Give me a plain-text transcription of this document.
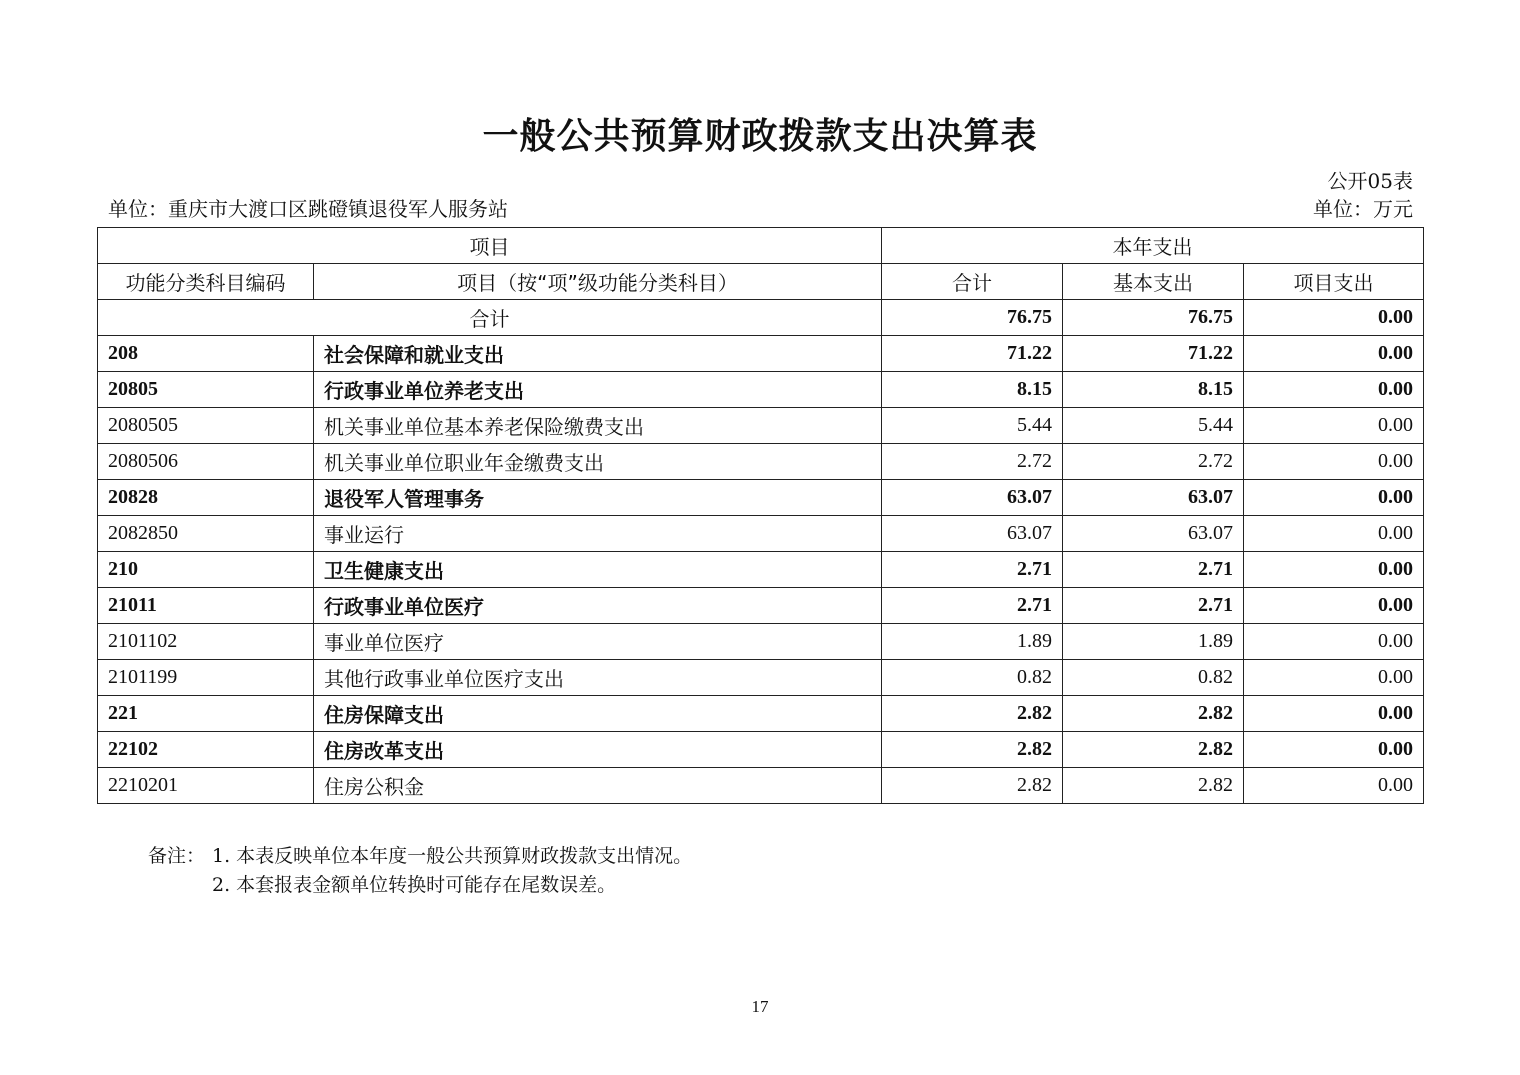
一般公共预算财政拨款支出决算表
公开05表
单位：重庆市大渡口区跳磴镇退役军人服务站	单位：万元
项目		本年支出		
功能分类科目编码	项目（按“项”级功能分类科目）	合计	基本支出	项目支出
合计		76.75	76.75	0.00
208	社会保障和就业支出	71.22	71.22	0.00
20805	行政事业单位养老支出	8.15	8.15	0.00
2080505	机关事业单位基本养老保险缴费支出	5.44	5.44	0.00
2080506	机关事业单位职业年金缴费支出	2.72	2.72	0.00
20828	退役军人管理事务	63.07	63.07	0.00
2082850	事业运行	63.07	63.07	0.00
210	卫生健康支出	2.71	2.71	0.00
21011	行政事业单位医疗	2.71	2.71	0.00
2101102	事业单位医疗	1.89	1.89	0.00
2101199	其他行政事业单位医疗支出	0.82	0.82	0.00
221	住房保障支出	2.82	2.82	0.00
22102	住房改革支出	2.82	2.82	0.00
2210201	住房公积金	2.82	2.82	0.00
备注： 1. 本表反映单位本年度一般公共预算财政拨款支出情况。
2. 本套报表金额单位转换时可能存在尾数误差。
17
